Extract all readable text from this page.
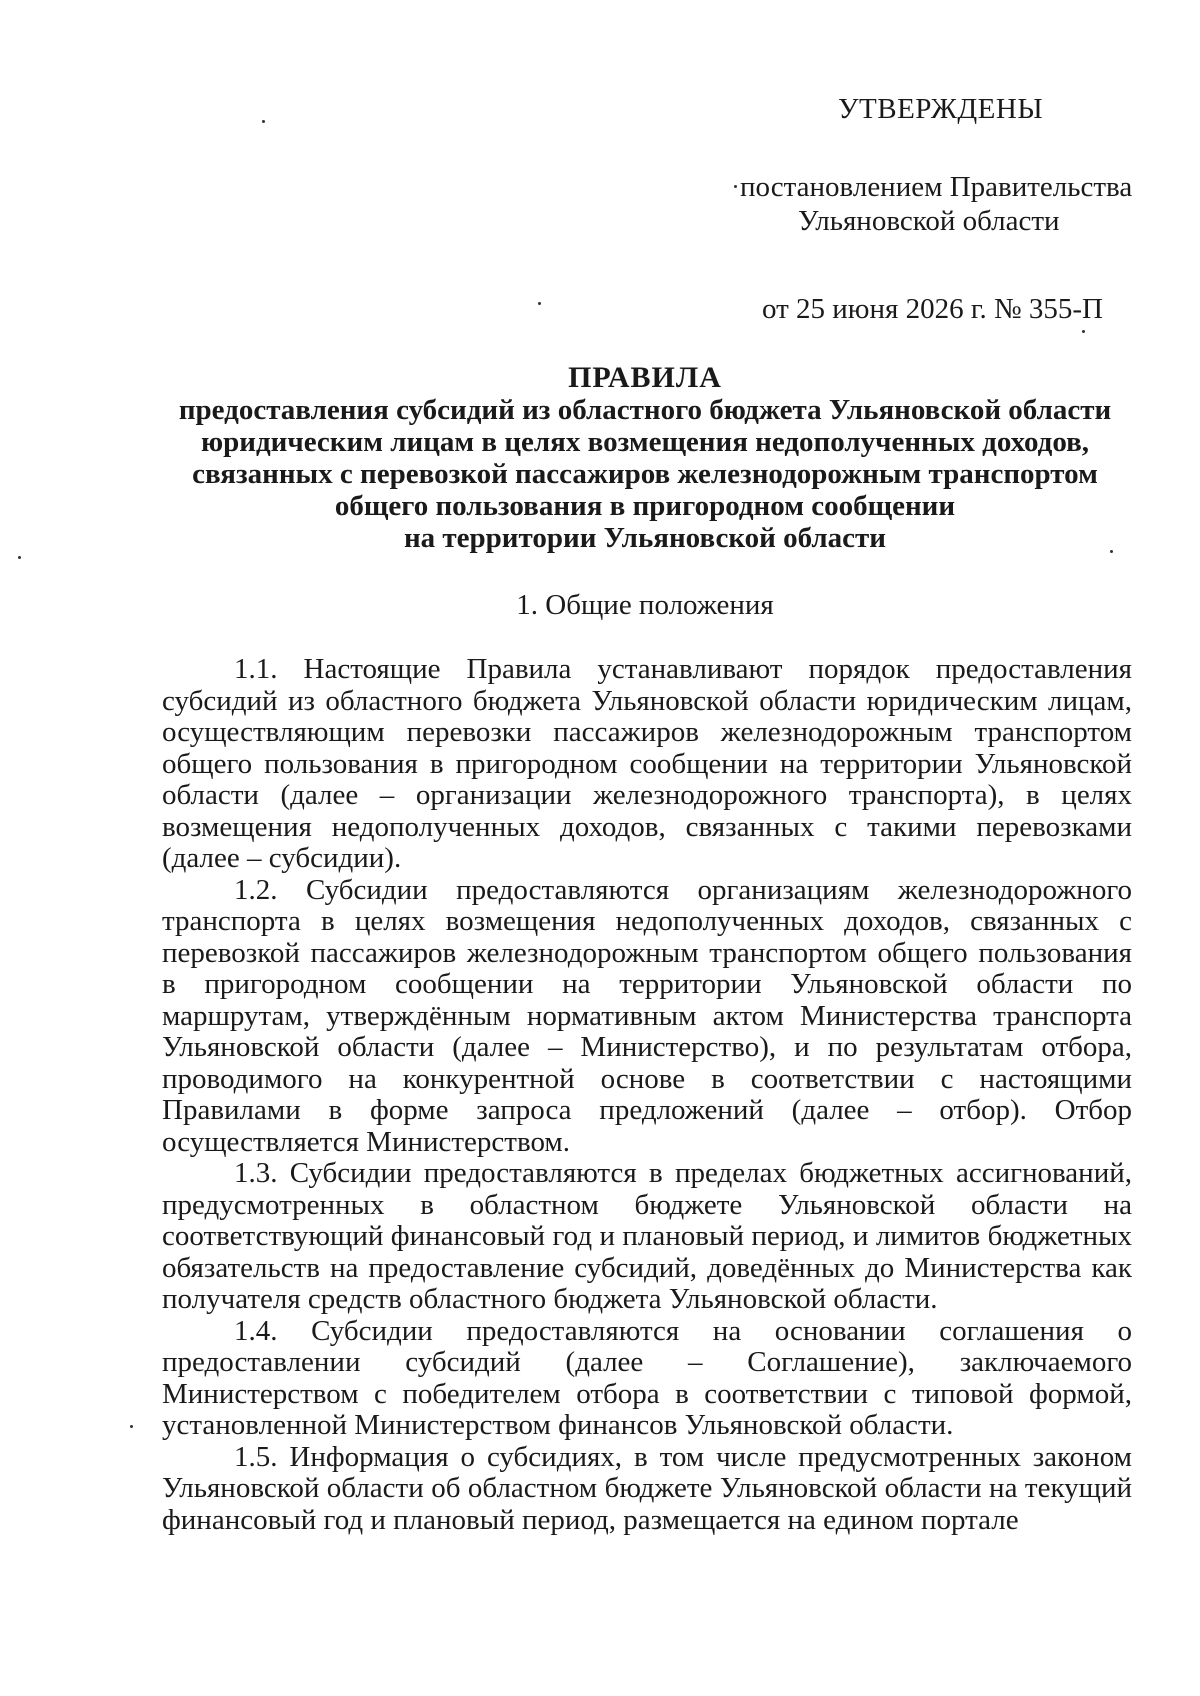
УТВЕРЖДЕНЫ
постановлением Правительства
Ульяновской области
от 25 июня 2026 г. № 355-П
ПРАВИЛА
предоставления субсидий из областного бюджета Ульяновской области
юридическим лицам в целях возмещения недополученных доходов,
связанных с перевозкой пассажиров железнодорожным транспортом
общего пользования в пригородном сообщении
на территории Ульяновской области
1. Общие положения

1.1. Настоящие Правила устанавливают порядок предоставления субсидий из областного бюджета Ульяновской области юридическим лицам, осуществляющим перевозки пассажиров железнодорожным транспортом общего пользования в пригородном сообщении на территории Ульяновской области (далее – организации железнодорожного транспорта), в целях возмещения недополученных доходов, связанных с такими перевозками (далее – субсидии).

1.2. Субсидии предоставляются организациям железнодорожного транспорта в целях возмещения недополученных доходов, связанных с перевозкой пассажиров железнодорожным транспортом общего пользования в пригородном сообщении на территории Ульяновской области по маршрутам, утверждённым нормативным актом Министерства транспорта Ульяновской области (далее – Министерство), и по результатам отбора, проводимого на конкурентной основе в соответствии с настоящими Правилами в форме запроса предложений (далее – отбор). Отбор осуществляется Министерством.

1.3. Субсидии предоставляются в пределах бюджетных ассигнований, предусмотренных в областном бюджете Ульяновской области на соответствующий финансовый год и плановый период, и лимитов бюджетных обязательств на предоставление субсидий, доведённых до Министерства как получателя средств областного бюджета Ульяновской области.

1.4. Субсидии предоставляются на основании соглашения о предоставлении субсидий (далее – Соглашение), заключаемого Министерством с победителем отбора в соответствии с типовой формой, установленной Министерством финансов Ульяновской области.

1.5. Информация о субсидиях, в том числе предусмотренных законом Ульяновской области об областном бюджете Ульяновской области на текущий финансовый год и плановый период, размещается на едином портале
